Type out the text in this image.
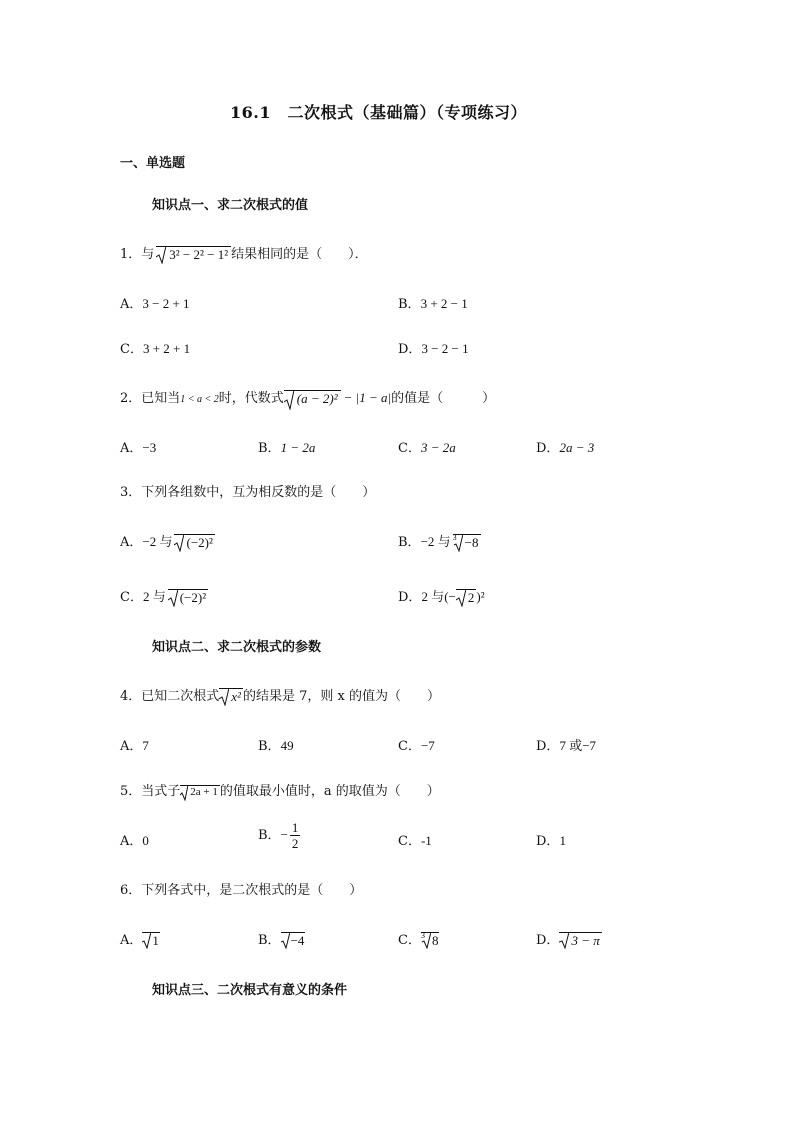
16.1　二次根式（基础篇）（专项练习）
一、单选题
知识点一、求二次根式的值
1．与 3² − 2² − 1² 结果相同的是（　　）．
A．3 − 2 + 1	B．3 + 2 − 1
C．3 + 2 + 1	D．3 − 2 − 1
2．已知当1 < a < 2时，代数式 (a − 2)² − |1 − a|的值是（　　　）
A．−3	B．1 − 2a	C．3 − 2a	D．2a − 3
3．下列各组数中，互为相反数的是（　　）
A．−2 与 (−2)²	B．−2 与 3 −8
C．2 与 (−2)²	D．2 与(− 2 )²
知识点二、求二次根式的参数
4．已知二次根式 x² 的结果是 7，则 x 的值为（　　）
A．7	B．49	C．−7	D．7 或−7
5．当式子 2a + 1 的值取最小值时，a 的取值为（　　）
A．0	B．− $\frac{1}{2}$	C．-1	D．1
6．下列各式中，是二次根式的是（　　）
A． 1	B． −4	C． 3 8	D． 3 − π
知识点三、二次根式有意义的条件
